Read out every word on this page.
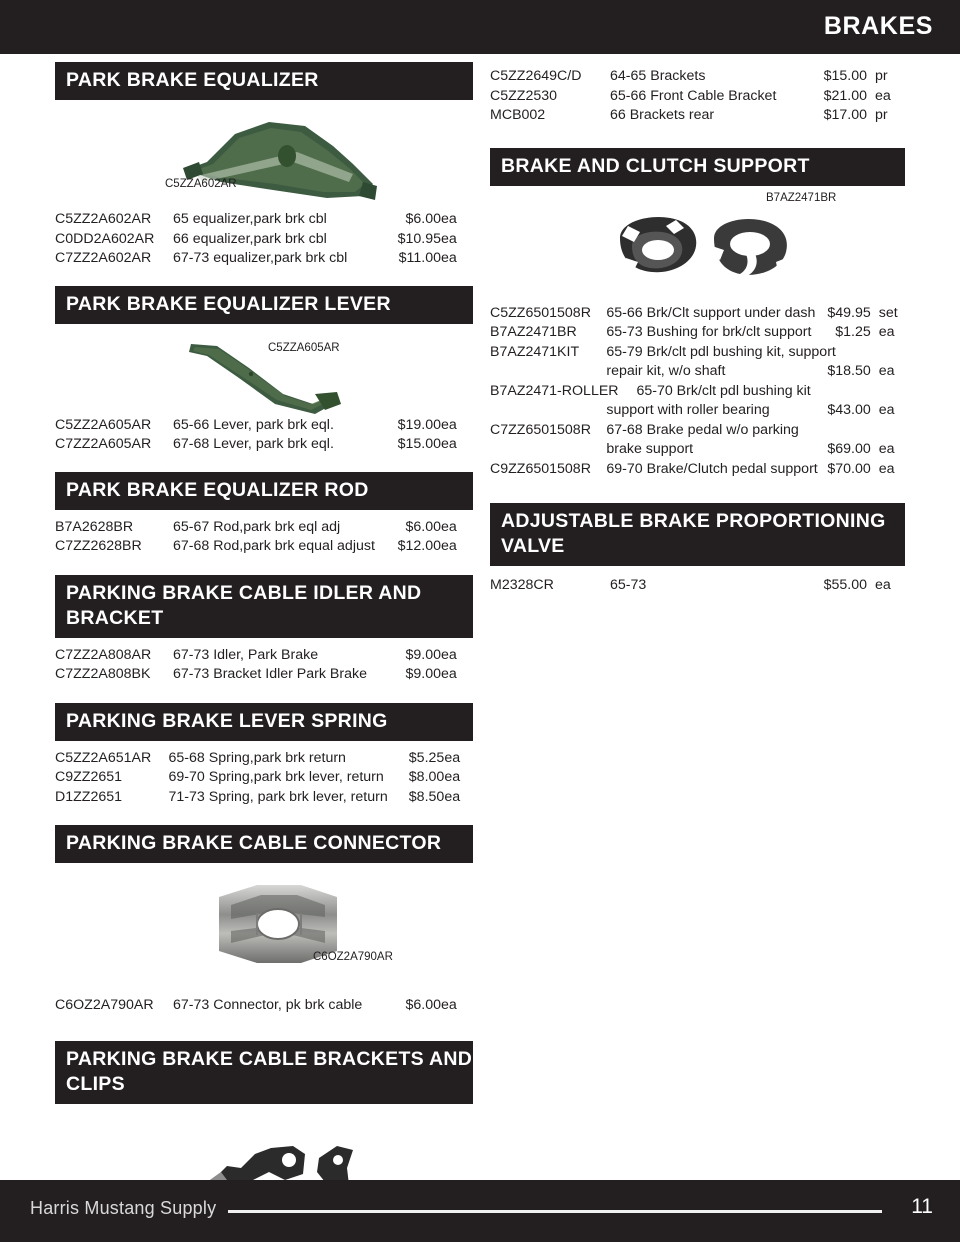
BRAKES
PARK BRAKE EQUALIZER
C5ZZA602AR
C5ZZ2A602AR	65 equalizer,park brk cbl	$6.00	ea
C0DD2A602AR	66 equalizer,park brk cbl	$10.95	ea
C7ZZ2A602AR	67-73 equalizer,park brk cbl	$11.00	ea
PARK BRAKE EQUALIZER LEVER
C5ZZA605AR
C5ZZ2A605AR	65-66 Lever, park brk eql.	$19.00	ea
C7ZZ2A605AR	67-68 Lever, park brk eql.	$15.00	ea
PARK BRAKE EQUALIZER ROD
B7A2628BR	65-67 Rod,park brk eql adj	$6.00	ea
C7ZZ2628BR	67-68 Rod,park brk equal adjust	$12.00	ea
PARKING BRAKE CABLE IDLER AND BRACKET
C7ZZ2A808AR	67-73 Idler, Park Brake	$9.00	ea
C7ZZ2A808BK	67-73 Bracket Idler Park Brake	$9.00	ea
PARKING BRAKE LEVER SPRING
C5ZZ2A651AR	65-68 Spring,park brk return	$5.25	ea
C9ZZ2651	69-70 Spring,park brk lever, return	$8.00	ea
D1ZZ2651	71-73 Spring, park brk lever, return	$8.50	ea
PARKING BRAKE CABLE CONNECTOR
C6OZ2A790AR
C6OZ2A790AR	67-73 Connector, pk brk cable	$6.00	ea
PARKING BRAKE CABLE BRACKETS AND CLIPS
C5ZZ2649C/D	64-65 Brackets	$15.00	pr
C5ZZ2530	65-66 Front Cable Bracket	$21.00	ea
MCB002	66 Brackets rear	$17.00	pr
BRAKE AND CLUTCH SUPPORT
B7AZ2471BR
C5ZZ6501508R	65-66 Brk/Clt support under dash	$49.95	set
B7AZ2471BR	65-73 Bushing for brk/clt support	$1.25	ea
B7AZ2471KIT	65-79 Brk/clt pdl bushing kit, support		
	repair kit, w/o shaft	$18.50	ea
B7AZ2471-ROLLER 65-70 Brk/clt pdl bushing kit			
	support with roller bearing	$43.00	ea
C7ZZ6501508R	67-68 Brake pedal w/o parking		
	brake support	$69.00	ea
C9ZZ6501508R	69-70 Brake/Clutch pedal support	$70.00	ea
ADJUSTABLE BRAKE PROPORTIONING VALVE
M2328CR	65-73	$55.00	ea
Harris Mustang Supply	11
